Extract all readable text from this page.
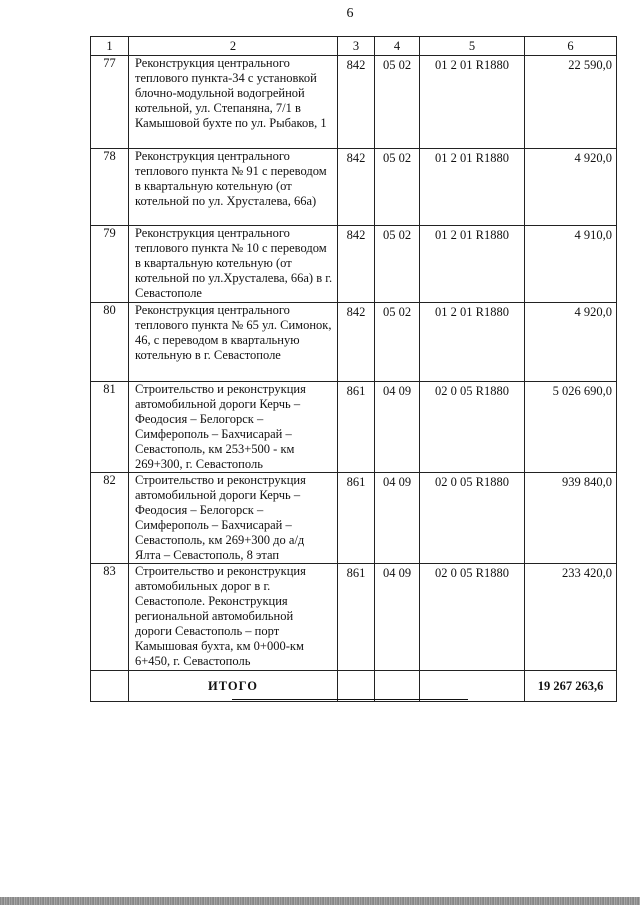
6
1	2	3	4	5	6
77	Реконструкция центрального теплового пункта-34 с установкой блочно-модульной водогрейной котельной, ул. Степаняна, 7/1 в Камышовой бухте по ул. Рыбаков, 1	842	05 02	01 2 01 R1880	22 590,0
78	Реконструкция центрального теплового пункта № 91 с переводом в квартальную котельную (от котельной по ул. Хрусталева, 66а)	842	05 02	01 2 01 R1880	4 920,0
79	Реконструкция центрального теплового пункта № 10 с переводом в квартальную котельную (от котельной по ул.Хрусталева, 66а) в г. Севастополе	842	05 02	01 2 01 R1880	4 910,0
80	Реконструкция центрального теплового пункта № 65 ул. Симонок, 46, с переводом в квартальную котельную в г. Севастополе	842	05 02	01 2 01 R1880	4 920,0
81	Строительство и реконструкция автомобильной дороги Керчь – Феодосия – Белогорск – Симферополь – Бахчисарай – Севастополь, км 253+500 - км 269+300, г. Севастополь	861	04 09	02 0 05 R1880	5 026 690,0
82	Строительство и реконструкция автомобильной дороги Керчь – Феодосия – Белогорск – Симферополь – Бахчисарай – Севастополь, км 269+300 до а/д Ялта – Севастополь, 8 этап	861	04 09	02 0 05 R1880	939 840,0
83	Строительство и реконструкция автомобильных дорог в г. Севастополе. Реконструкция региональной автомобильной дороги Севастополь – порт Камышовая бухта, км 0+000-км 6+450, г. Севастополь	861	04 09	02 0 05 R1880	233 420,0
	ИТОГО				19 267 263,6
